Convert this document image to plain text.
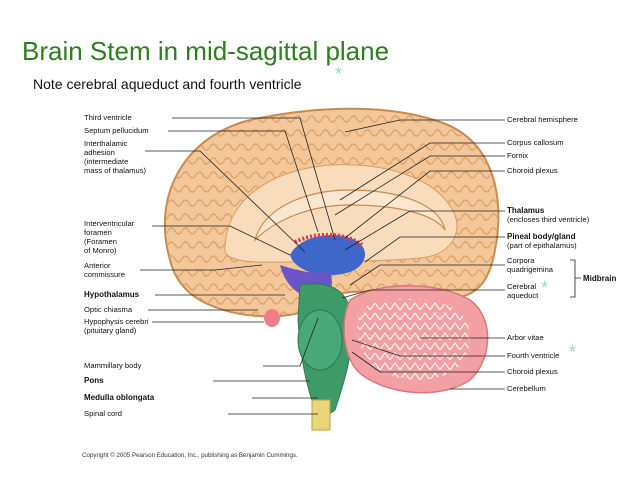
Brain Stem in mid-sagittal plane
Note cerebral aqueduct and fourth ventricle *
Midbrain
Third ventricle
Septum pellucidum
Interthalamic
adhesion
(intermediate
mass of thalamus)
Interventricular
foramen
(Foramen
of Monro)
Anterior
commissure
Hypothalamus
Optic chiasma
Hypophysis cerebri
(pituitary gland)
Mammillary body
Pons
Medulla oblongata
Spinal cord
Cerebral hemisphere
Corpus callosum
Fornix
Choroid plexus
Thalamus
(encloses third ventricle)
Pineal body/gland
(part of epithalamus)
Corpora
quadrigemina
Cerebral
aqueduct
Arbor vitae
Fourth ventricle
Choroid plexus
Cerebellum
*
*
Copyright © 2005 Pearson Education, Inc., publishing as Benjamin Cummings.
